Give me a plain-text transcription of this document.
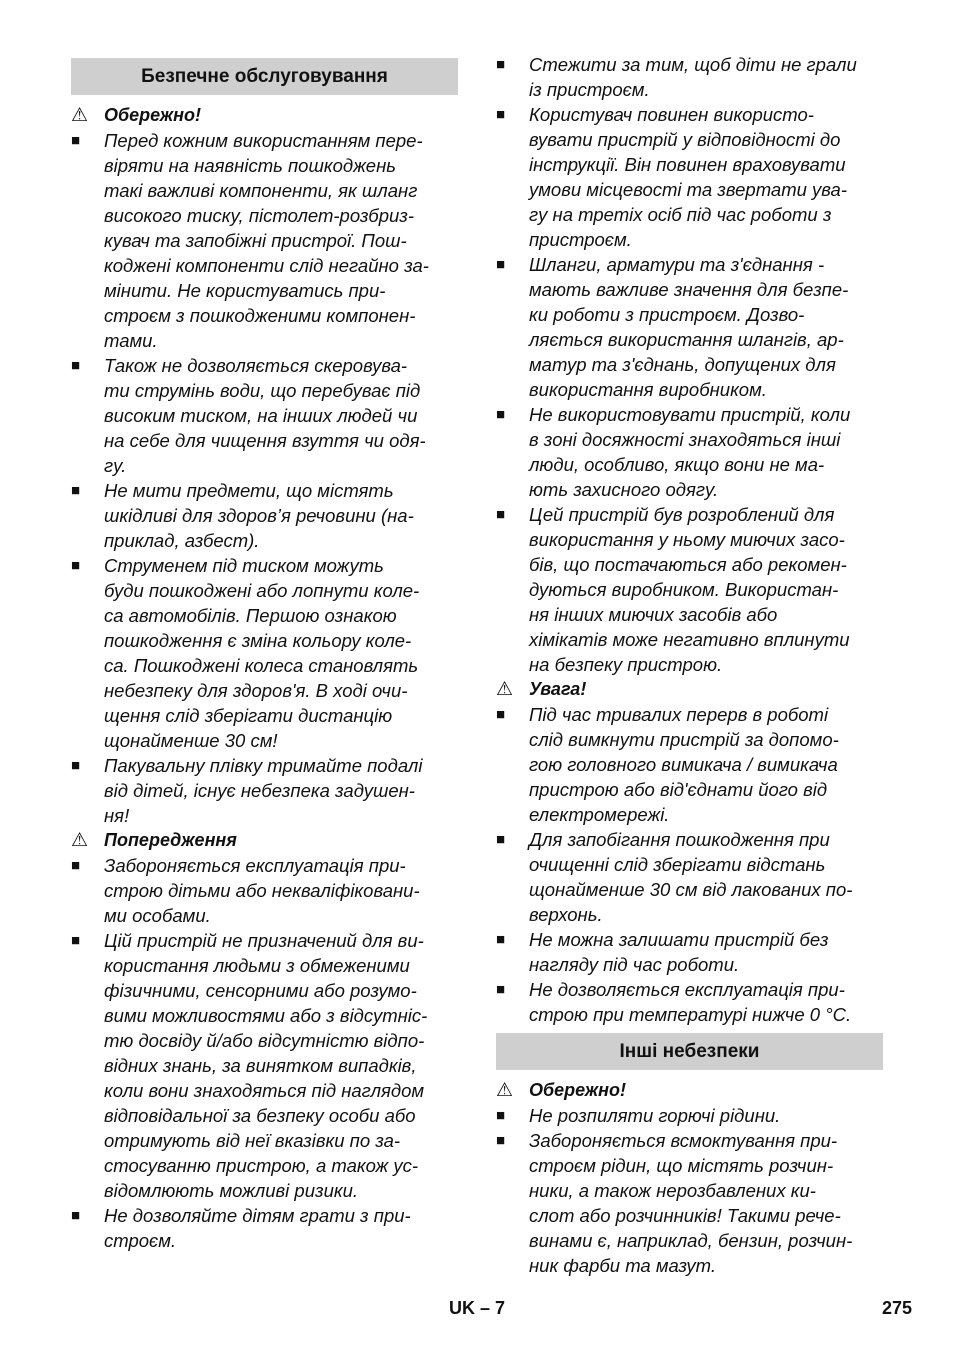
Безпечне обслуговування
⚠ Обережно!
■	Перед кожним використанням пере-
віряти на наявність пошкоджень
такі важливі компоненти, як шланг
високого тиску, пістолет-розбриз-
кувач та запобіжні пристрої. Пош-
коджені компоненти слід негайно за-
мінити. Не користуватись при-
строєм з пошкодженими компонен-
тами.
■	Також не дозволяється скеровува-
ти струмінь води, що перебуває під
високим тиском, на інших людей чи
на себе для чищення взуття чи одя-
гу.
■	Не мити предмети, що містять
шкідливі для здоров’я речовини (на-
приклад, азбест).
■	Струменем під тиском можуть
буди пошкоджені або лопнути коле-
са автомобілів. Першою ознакою
пошкодження є зміна кольору коле-
са. Пошкоджені колеса становлять
небезпеку для здоров'я. В ході очи-
щення слід зберігати дистанцію
щонайменше 30 см!
■	Пакувальну плівку тримайте подалі
від дітей, існує небезпека задушен-
ня!
⚠ Попередження
■	Забороняється експлуатація при-
строю дітьми або некваліфіковани-
ми особами.
■	Цій пристрій не призначений для ви-
користання людьми з обмеженими
фізичними, сенсорними або розумо-
вими можливостями або з відсутніс-
тю досвіду й/або відсутністю відпо-
відних знань, за винятком випадків,
коли вони знаходяться під наглядом
відповідальної за безпеку особи або
отримують від неї вказівки по за-
стосуванню пристрою, а також ус-
відомлюють можливі ризики.
■	Не дозволяйте дітям грати з при-
строєм.
■	Стежити за тим, щоб діти не грали
із пристроєм.
■	Користувач повинен використо-
вувати пристрій у відповідності до
інструкції. Він повинен враховувати
умови місцевості та звертати ува-
гу на третіх осіб під час роботи з
пристроєм.
■	Шланги, арматури та з'єднання -
мають важливе значення для безпе-
ки роботи з пристроєм. Дозво-
ляється використання шлангів, ар-
матур та з'єднань, допущених для
використання виробником.
■	Не використовувати пристрій, коли
в зоні досяжності знаходяться інші
люди, особливо, якщо вони не ма-
ють захисного одягу.
■	Цей пристрій був розроблений для
використання у ньому миючих засо-
бів, що постачаються або рекомен-
дуються виробником. Використан-
ня інших миючих засобів або
хімікатів може негативно вплинути
на безпеку пристрою.
⚠ Увага!
■	Під час тривалих перерв в роботі
слід вимкнути пристрій за допомо-
гою головного вимикача / вимикача
пристрою або від'єднати його від
електромережі.
■	Для запобігання пошкодження при
очищенні слід зберігати відстань
щонайменше 30 см від лакованих по-
верхонь.
■	Не можна залишати пристрій без
нагляду під час роботи.
■	Не дозволяється експлуатація при-
строю при температурі нижче 0 °C.
Інші небезпеки
⚠ Обережно!
■	Не розпиляти горючі рідини.
■	Забороняється всмоктування при-
строєм рідин, що містять розчин-
ники, а також нерозбавлених ки-
слот або розчинників! Такими рече-
винами є, наприклад, бензин, розчин-
ник фарби та мазут.
UK – 7	275
